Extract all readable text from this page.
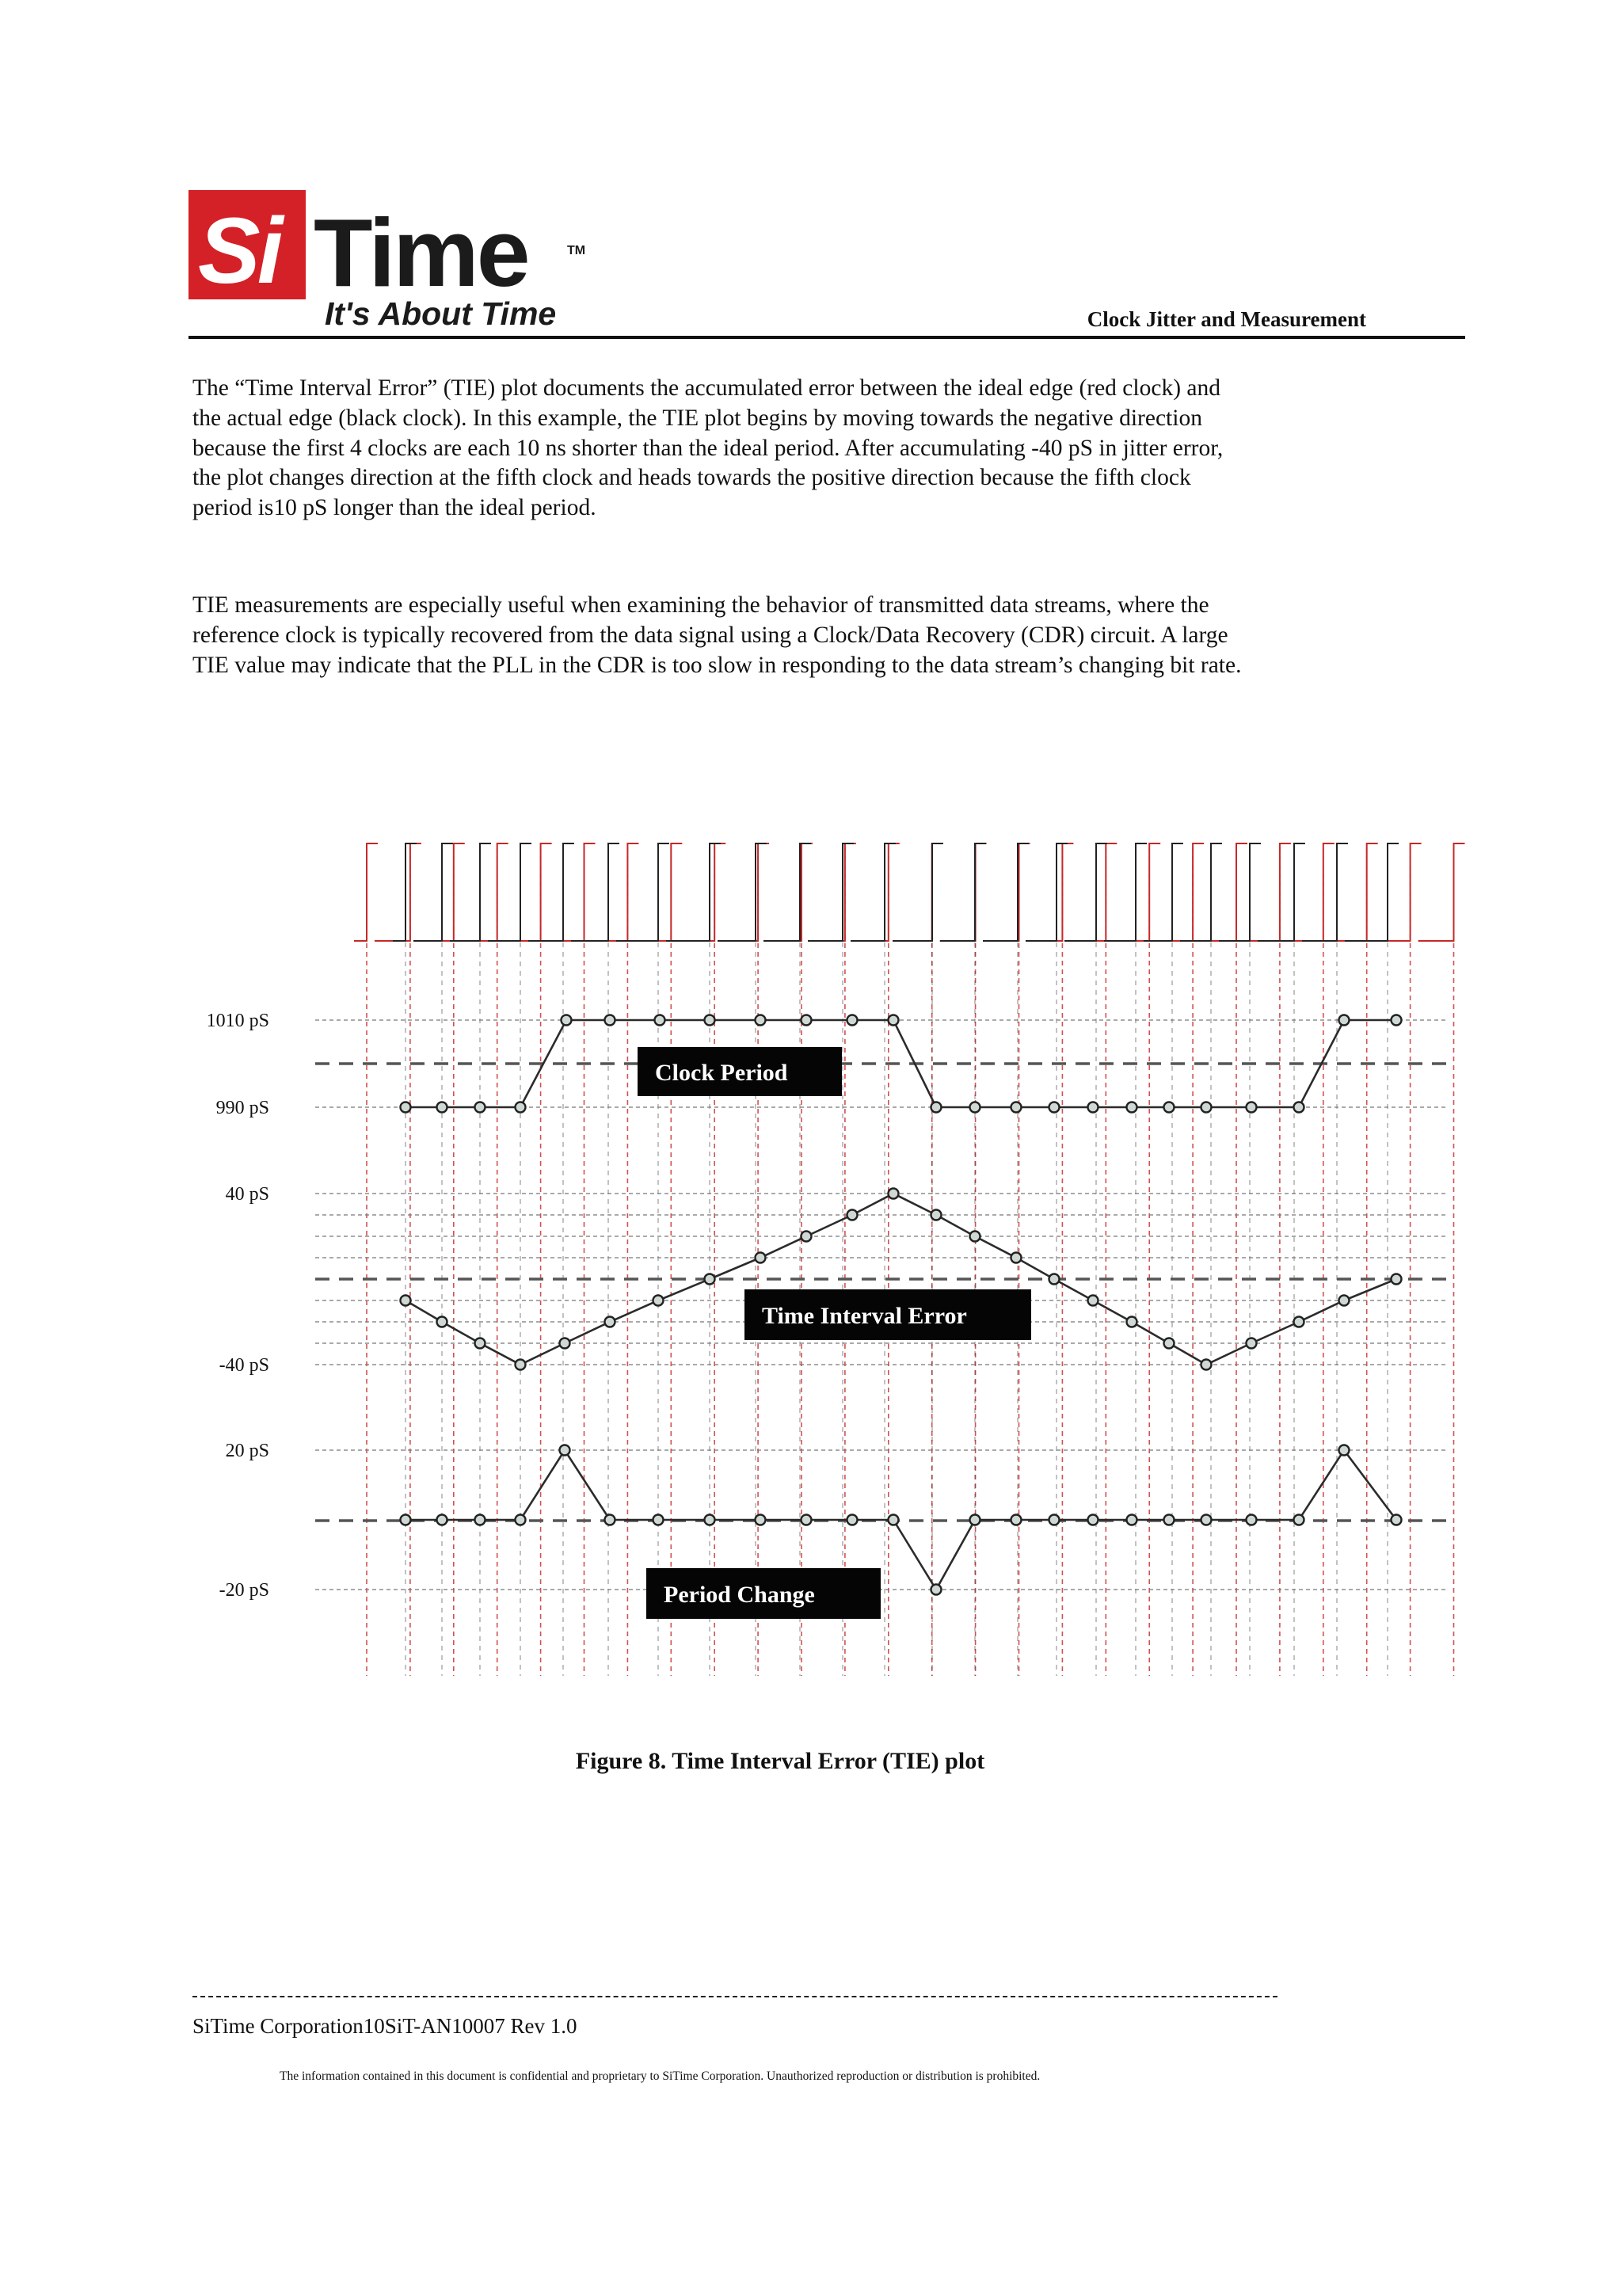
Si Time	TM
It's About Time	Clock Jitter and Measurement

The “Time Interval Error” (TIE) plot documents the accumulated error between the ideal edge (red clock) and the actual edge (black clock). In this example, the TIE plot begins by moving towards the negative direction because the first 4 clocks are each 10 ns shorter than the ideal period. After accumulating -40 pS in jitter error, the plot changes direction at the fifth clock and heads towards the positive direction because the fifth clock period is10 pS longer than the ideal period.

TIE measurements are especially useful when examining the behavior of transmitted data streams, where the reference clock is typically recovered from the data signal using a Clock/Data Recovery (CDR) circuit. A large TIE value may indicate that the PLL in the CDR is too slow in responding to the data stream’s changing bit rate.

1010 pS
990 pS
Clock Period
40 pS
-40 pS
Time Interval Error
20 pS
-20 pS	Period Change
Figure 8. Time Interval Error (TIE) plot
SiTime Corporation10SiT-AN10007 Rev 1.0
The information contained in this document is confidential and proprietary to SiTime Corporation. Unauthorized reproduction or distribution is prohibited.
